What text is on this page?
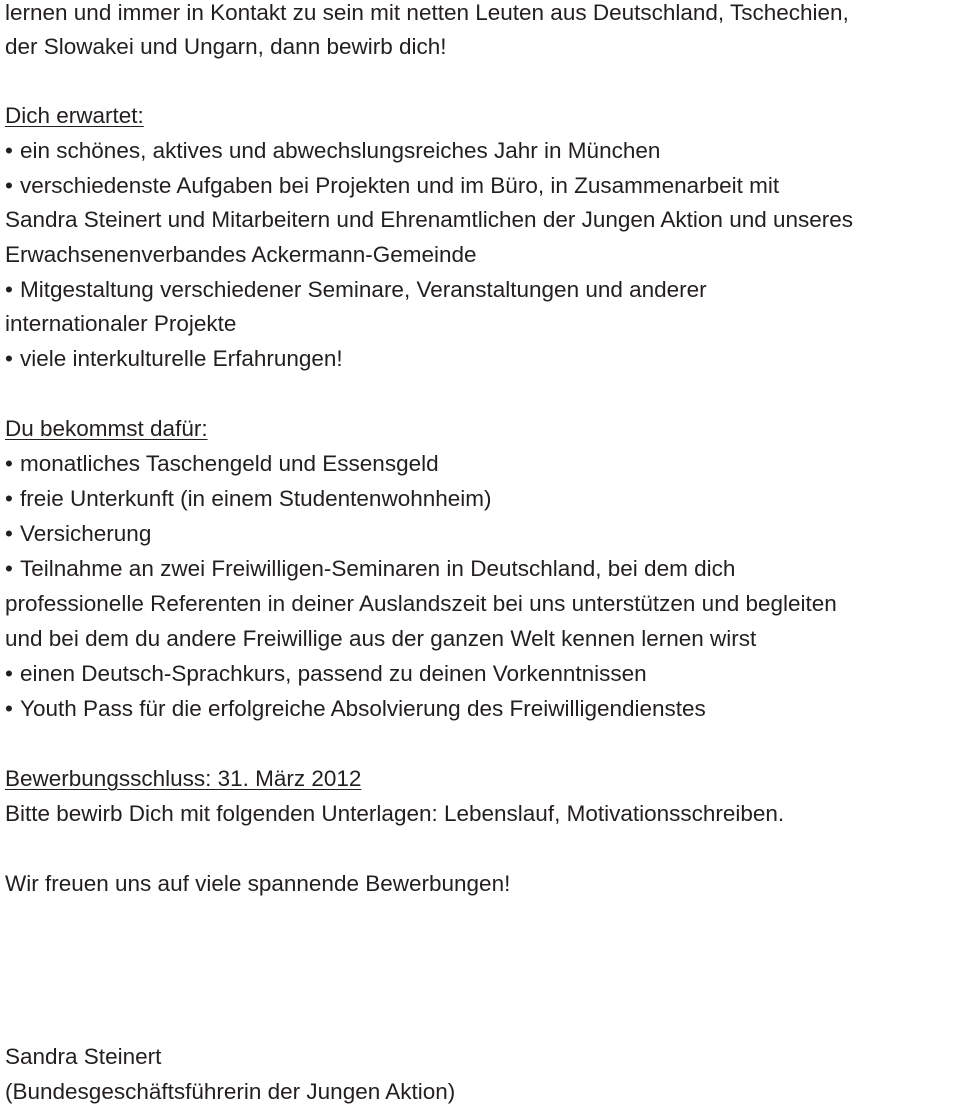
lernen und immer in Kontakt zu sein mit netten Leuten aus Deutschland, Tschechien,
der Slowakei und Ungarn, dann bewirb dich!
Dich erwartet:
• ein schönes, aktives und abwechslungsreiches Jahr in München
• verschiedenste Aufgaben bei Projekten und im Büro, in Zusammenarbeit mit
Sandra Steinert und Mitarbeitern und Ehrenamtlichen der Jungen Aktion und unseres
Erwachsenenverbandes Ackermann-Gemeinde
• Mitgestaltung verschiedener Seminare, Veranstaltungen und anderer
internationaler Projekte
• viele interkulturelle Erfahrungen!
Du bekommst dafür:
• monatliches Taschengeld und Essensgeld
• freie Unterkunft (in einem Studentenwohnheim)
• Versicherung
• Teilnahme an zwei Freiwilligen-Seminaren in Deutschland, bei dem dich
professionelle Referenten in deiner Auslandszeit bei uns unterstützen und begleiten
und bei dem du andere Freiwillige aus der ganzen Welt kennen lernen wirst
• einen Deutsch-Sprachkurs, passend zu deinen Vorkenntnissen
• Youth Pass für die erfolgreiche Absolvierung des Freiwilligendienstes
Bewerbungsschluss: 31. März 2012
Bitte bewirb Dich mit folgenden Unterlagen: Lebenslauf, Motivationsschreiben.
Wir freuen uns auf viele spannende Bewerbungen!
Sandra Steinert
(Bundesgeschäftsführerin der Jungen Aktion)
